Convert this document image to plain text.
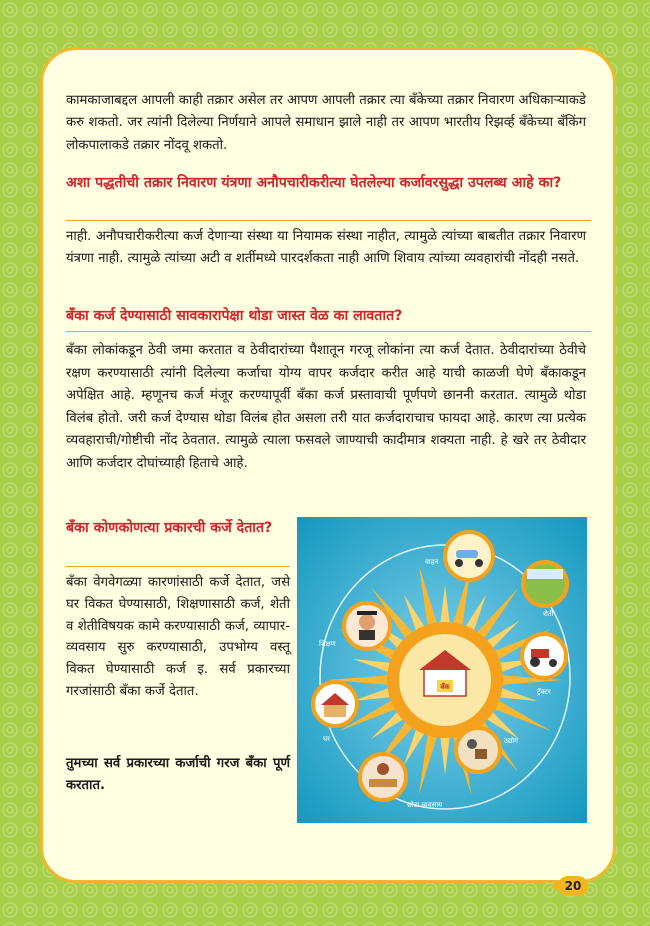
कामकाजाबद्दल आपली काही तक्रार असेल तर आपण आपली तक्रार त्या बँकेच्या तक्रार निवारण अधिकाऱ्याकडे करु शकतो. जर त्यांनी दिलेल्या निर्णयाने आपले समाधान झाले नाही तर आपण भारतीय रिझर्व्ह बँकेच्या बँकिंग लोकपालाकडे तक्रार नोंदवू शकतो.

अशा पद्धतीची तक्रार निवारण यंत्रणा अनौपचारीकरीत्या घेतलेल्या कर्जावरसुद्धा उपलब्ध आहे का?

नाही. अनौपचारीकरीत्या कर्ज देणाऱ्या संस्था या नियामक संस्था नाहीत, त्यामुळे त्यांच्या बाबतीत तक्रार निवारण यंत्रणा नाही. त्यामुळे त्यांच्या अटी व शर्तीमध्ये पारदर्शकता नाही आणि शिवाय त्यांच्या व्यवहारांची नोंदही नसते.

बँका कर्ज देण्यासाठी सावकारापेक्षा थोडा जास्त वेळ का लावतात?

बँका लोकांकडून ठेवी जमा करतात व ठेवीदारांच्या पैशातून गरजू लोकांना त्या कर्ज देतात. ठेवीदारांच्या ठेवीचे रक्षण करण्यासाठी त्यांनी दिलेल्या कर्जाचा योग्य वापर कर्जदार करीत आहे याची काळजी घेणे बँकाकडून अपेक्षित आहे. म्हणूनच कर्ज मंजूर करण्यापूर्वी बँका कर्ज प्रस्तावाची पूर्णपणे छाननी करतात. त्यामुळे थोडा विलंब होतो. जरी कर्ज देण्यास थोडा विलंब होत असला तरी यात कर्जदाराचाच फायदा आहे. कारण त्या प्रत्येक व्यवहाराची/गोष्टीची नोंद ठेवतात. त्यामुळे त्याला फसवले जाण्याची कादीमात्र शक्यता नाही. हे खरे तर ठेवीदार आणि कर्जदार दोघांच्याही हिताचे आहे.

बँका कोणकोणत्या प्रकारची कर्जे देतात?

बँका वेगवेगळ्या कारणांसाठी कर्जे देतात, जसे घर विकत घेण्यासाठी, शिक्षणासाठी कर्ज, शेती व शेतीविषयक कामे करण्यासाठी कर्ज, व्यापार-व्यवसाय सुरु करण्यासाठी, उपभोग्य वस्तू विकत घेण्यासाठी कर्ज इ. सर्व प्रकारच्या गरजांसाठी बँका कर्जे देतात.

तुमच्या सर्व प्रकारच्या कर्जाची गरज बँका पूर्ण करतात.

बँक
वाहन
शेती
ट्रॅक्टर
उद्योग
छोटा व्यवसाय
घर
शिक्षण
20
